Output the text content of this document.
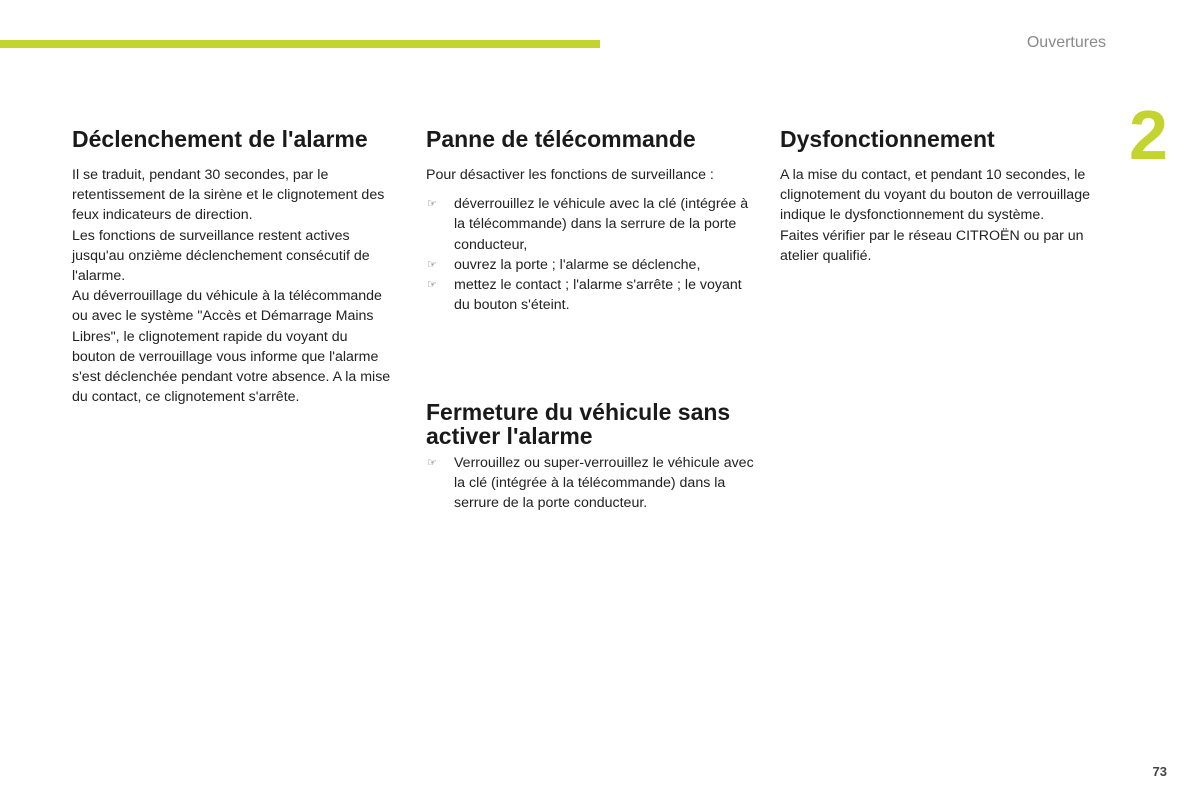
Ouvertures
2
Déclenchement de l'alarme

Il se traduit, pendant 30 secondes, par le retentissement de la sirène et le clignotement des feux indicateurs de direction.

Les fonctions de surveillance restent actives jusqu'au onzième déclenchement consécutif de l'alarme.

Au déverrouillage du véhicule à la télécommande ou avec le système "Accès et Démarrage Mains Libres", le clignotement rapide du voyant du bouton de verrouillage vous informe que l'alarme s'est déclenchée pendant votre absence. A la mise du contact, ce clignotement s'arrête.

Panne de télécommande

Pour désactiver les fonctions de surveillance :

☞ déverrouillez le véhicule avec la clé (intégrée à la télécommande) dans la serrure de la porte conducteur,
☞ ouvrez la porte ; l'alarme se déclenche,
☞ mettez le contact ; l'alarme s'arrête ; le voyant du bouton s'éteint.
Fermeture du véhicule sans activer l'alarme
☞ Verrouillez ou super-verrouillez le véhicule avec la clé (intégrée à la télécommande) dans la serrure de la porte conducteur.
Dysfonctionnement

A la mise du contact, et pendant 10 secondes, le clignotement du voyant du bouton de verrouillage indique le dysfonctionnement du système.

Faites vérifier par le réseau CITROËN ou par un atelier qualifié.

73
